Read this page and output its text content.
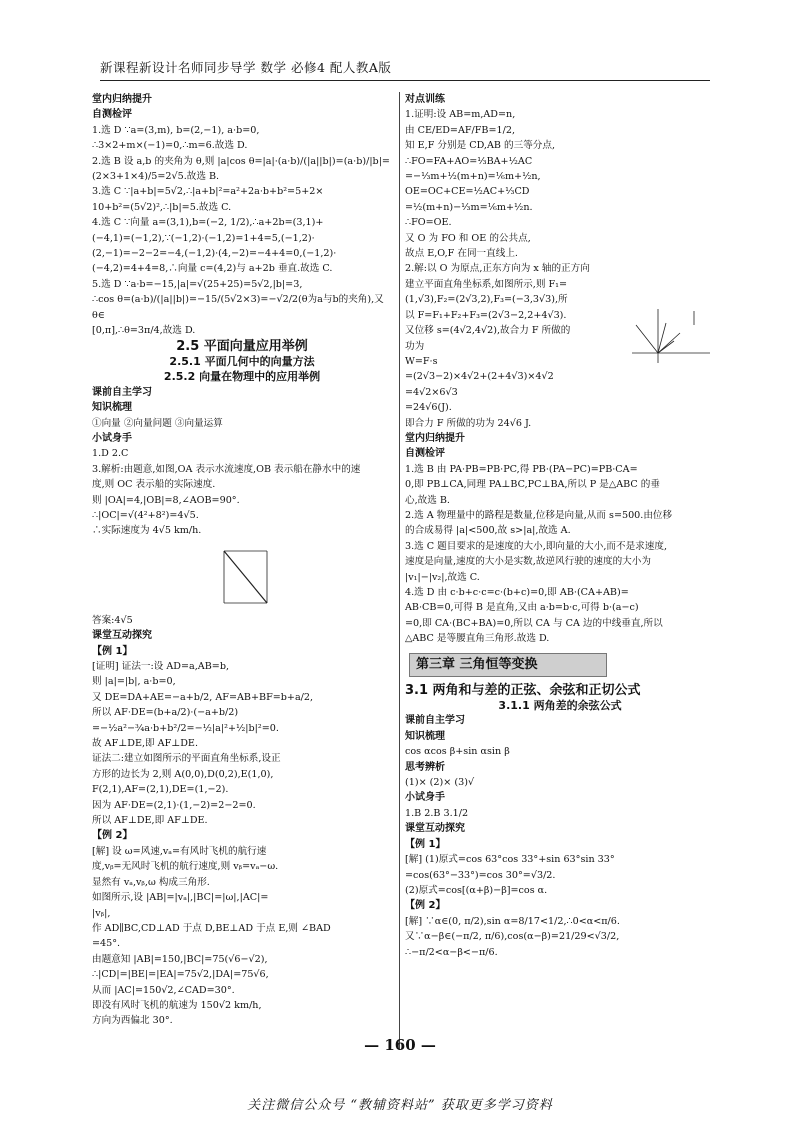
新课程新设计名师同步导学 数学 必修4 配人教A版

堂内归纳提升

自测检评

1.选 D ∵a=(3,m), b=(2,−1), a·b=0,

∴3×2+m×(−1)=0,∴m=6.故选 D.

2.选 B 设 a,b 的夹角为 θ,则 |a|cos θ=|a|·(a·b)/(|a||b|)=(a·b)/|b|=

(2×3+1×4)/5=2√5.故选 B.

3.选 C ∵|a+b|=5√2,∴|a+b|²=a²+2a·b+b²=5+2×

10+b²=(5√2)²,∴|b|=5.故选 C.

4.选 C ∵向量 a=(3,1),b=(−2, 1/2),∴a+2b=(3,1)+

(−4,1)=(−1,2),∵(−1,2)·(−1,2)=1+4=5,(−1,2)·

(2,−1)=−2−2=−4,(−1,2)·(4,−2)=−4+4=0,(−1,2)·

(−4,2)=4+4=8,∴向量 c=(4,2)与 a+2b 垂直.故选 C.

5.选 D ∵a·b=−15,|a|=√(25+25)=5√2,|b|=3,

∴cos θ=(a·b)/(|a||b|)=−15/(5√2×3)=−√2/2(θ为a与b的夹角),又 θ∈

[0,π],∴θ=3π/4,故选 D.

2.5 平面向量应用举例

2.5.1 平面几何中的向量方法

2.5.2 向量在物理中的应用举例

课前自主学习

知识梳理

①向量 ②向量问题 ③向量运算

小试身手

1.D 2.C

3.解析:由题意,如图,OA 表示水流速度,OB 表示船在静水中的速

度,则 OC 表示船的实际速度.

则 |OA|=4,|OB|=8,∠AOB=90°.

∴|OC|=√(4²+8²)=4√5.

∴实际速度为 4√5 km/h.

答案:4√5

课堂互动探究

【例 1】

[证明] 证法一:设 AD=a,AB=b,

则 |a|=|b|, a·b=0,

又 DE=DA+AE=−a+b/2, AF=AB+BF=b+a/2,

所以 AF·DE=(b+a/2)·(−a+b/2)

=−½a²−¾a·b+b²/2=−½|a|²+½|b|²=0.

故 AF⊥DE,即 AF⊥DE.

证法二:建立如图所示的平面直角坐标系,设正

方形的边长为 2,则 A(0,0),D(0,2),E(1,0),

F(2,1),AF=(2,1),DE=(1,−2).

因为 AF·DE=(2,1)·(1,−2)=2−2=0.

所以 AF⊥DE,即 AF⊥DE.

【例 2】

[解] 设 ω=风速,vₐ=有风时飞机的航行速

度,vᵦ=无风时飞机的航行速度,则 vᵦ=vₐ−ω.

显然有 vₐ,vᵦ,ω 构成三角形.

如图所示,设 |AB|=|vₐ|,|BC|=|ω|,|AC|=

|vᵦ|,

作 AD∥BC,CD⊥AD 于点 D,BE⊥AD 于点 E,则 ∠BAD

=45°.

由题意知 |AB|=150,|BC|=75(√6−√2),

∴|CD|=|BE|=|EA|=75√2,|DA|=75√6,

从而 |AC|=150√2,∠CAD=30°.

即没有风时飞机的航速为 150√2 km/h,

方向为西偏北 30°.

对点训练

1.证明:设 AB=m,AD=n,

由 CE/ED=AF/FB=1/2,

知 E,F 分别是 CD,AB 的三等分点,

∴FO=FA+AO=⅓BA+½AC

=−⅓m+½(m+n)=⅙m+½n,

OE=OC+CE=½AC+⅓CD

=½(m+n)−⅓m=⅙m+½n.

∴FO=OE.

又 O 为 FO 和 OE 的公共点,

故点 E,O,F 在同一直线上.

2.解:以 O 为原点,正东方向为 x 轴的正方向

建立平面直角坐标系,如图所示,则 F₁=

(1,√3),F₂=(2√3,2),F₃=(−3,3√3),所

以 F=F₁+F₂+F₃=(2√3−2,2+4√3).

又位移 s=(4√2,4√2),故合力 F 所做的

功为

W=F·s

=(2√3−2)×4√2+(2+4√3)×4√2

=4√2×6√3

=24√6(J).

即合力 F 所做的功为 24√6 J.

堂内归纳提升

自测检评

1.选 B 由 PA·PB=PB·PC,得 PB·(PA−PC)=PB·CA=

0,即 PB⊥CA,同理 PA⊥BC,PC⊥BA,所以 P 是△ABC 的垂

心,故选 B.

2.选 A 物理量中的路程是数量,位移是向量,从而 s=500.由位移

的合成易得 |a|<500,故 s>|a|,故选 A.

3.选 C 题目要求的是速度的大小,即向量的大小,而不是求速度,

速度是向量,速度的大小是实数,故逆风行驶的速度的大小为

|v₁|−|v₂|,故选 C.

4.选 D 由 c·b+c·c=c·(b+c)=0,即 AB·(CA+AB)=

AB·CB=0,可得 B 是直角,又由 a·b=b·c,可得 b·(a−c)

=0,即 CA·(BC+BA)=0,所以 CA 与 CA 边的中线垂直,所以

△ABC 是等腰直角三角形.故选 D.

第三章 三角恒等变换

3.1 两角和与差的正弦、余弦和正切公式

3.1.1 两角差的余弦公式

课前自主学习

知识梳理

cos αcos β+sin αsin β

思考辨析

(1)× (2)× (3)√

小试身手

1.B 2.B 3.1/2

课堂互动探究

【例 1】

[解] (1)原式=cos 63°cos 33°+sin 63°sin 33°

=cos(63°−33°)=cos 30°=√3/2.

(2)原式=cos[(α+β)−β]=cos α.

【例 2】

[解] ∵α∈(0, π/2),sin α=8/17<1/2,∴0<α<π/6.

又∵α−β∈(−π/2, π/6),cos(α−β)=21/29<√3/2,

∴−π/2<α−β<−π/6.

— 160 —
关注微信公众号 “教辅资料站” 获取更多学习资料
